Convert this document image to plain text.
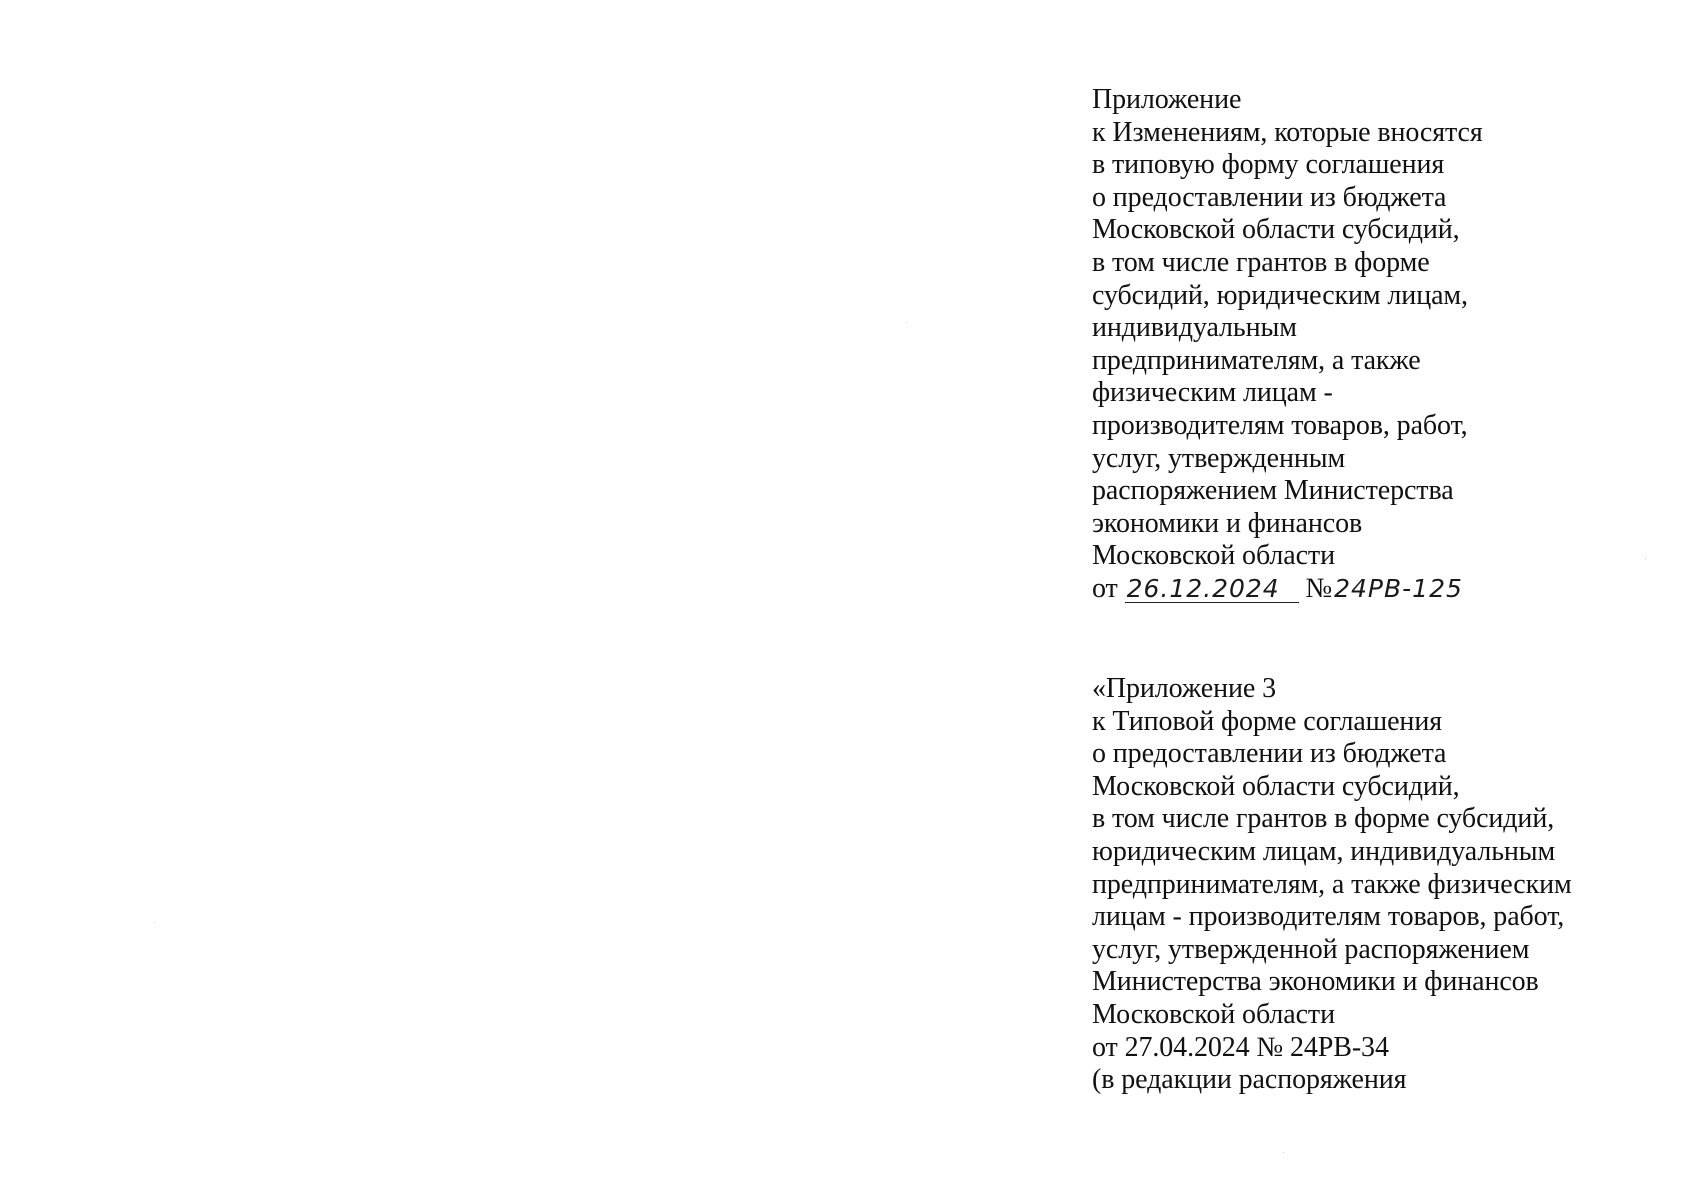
Приложение
к Изменениям, которые вносятся
в типовую форму соглашения
о предоставлении из бюджета
Московской области субсидий,
в том числе грантов в форме
субсидий, юридическим лицам,
индивидуальным
предпринимателям, а также
физическим лицам -
производителям товаров, работ,
услуг, утвержденным
распоряжением Министерства
экономики и финансов
Московской области
от 26.12.2024 №24РВ-125
«Приложение 3
к Типовой форме соглашения
о предоставлении из бюджета
Московской области субсидий,
в том числе грантов в форме субсидий,
юридическим лицам, индивидуальным
предпринимателям, а также физическим
лицам - производителям товаров, работ,
услуг, утвержденной распоряжением
Министерства экономики и финансов
Московской области
от 27.04.2024 № 24РВ-34
(в редакции распоряжения
